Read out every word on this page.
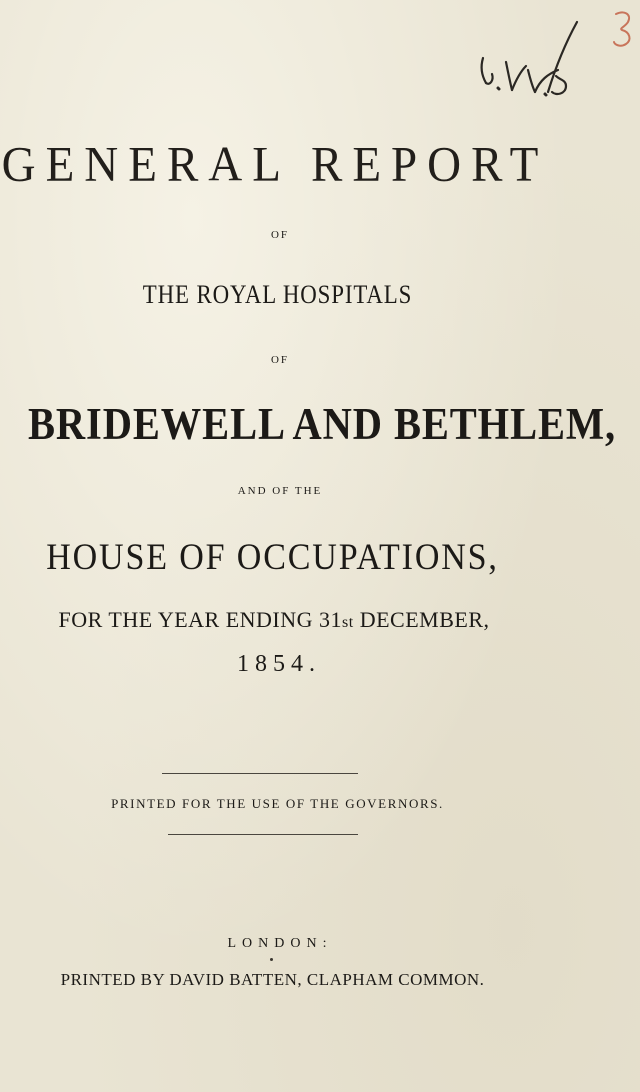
GENERAL REPORT
OF
THE ROYAL HOSPITALS
OF
BRIDEWELL AND BETHLEM,
AND OF THE
HOUSE OF OCCUPATIONS,
FOR THE YEAR ENDING 31st DECEMBER,
1854.
PRINTED FOR THE USE OF THE GOVERNORS.
LONDON:
PRINTED BY DAVID BATTEN, CLAPHAM COMMON.
